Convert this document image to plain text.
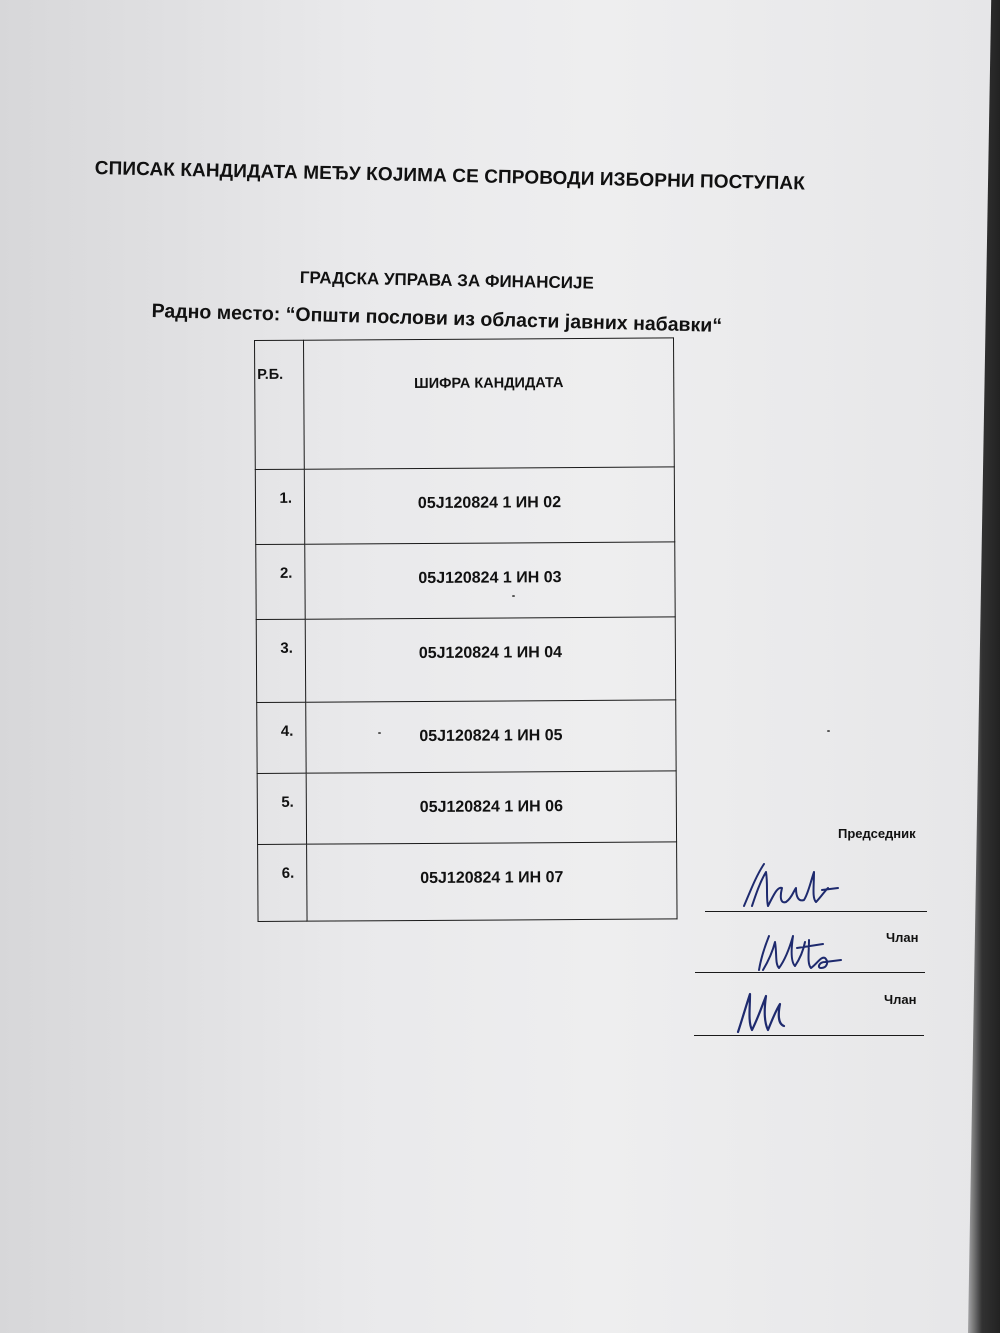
СПИСАК КАНДИДАТА МЕЂУ КОЈИМА СЕ СПРОВОДИ ИЗБОРНИ ПОСТУПАК
ГРАДСКА УПРАВА ЗА ФИНАНСИЈЕ
Радно место: “Општи послови из области јавних набавки“
Р.Б.	ШИФРА КАНДИДАТА
1.	05Ј120824 1 ИН 02
2.	05Ј120824 1 ИН 03
3.	05Ј120824 1 ИН 04
4.	05Ј120824 1 ИН 05
5.	05Ј120824 1 ИН 06
6.	05Ј120824 1 ИН 07
Председник
Члан
Члан
